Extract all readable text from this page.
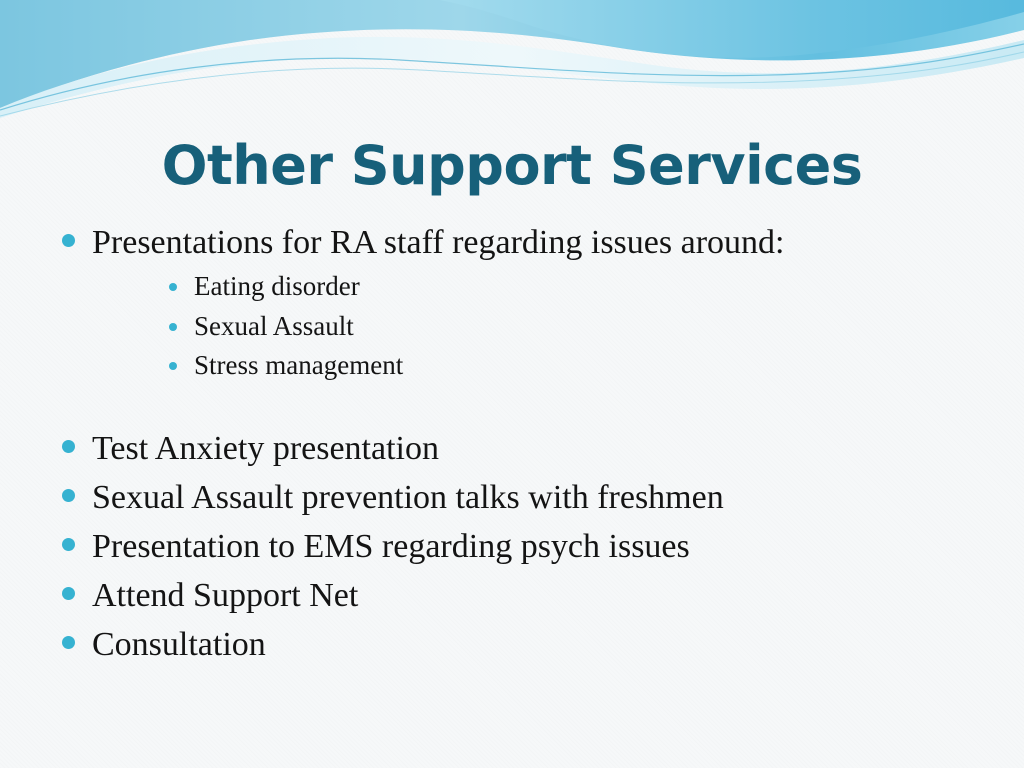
Other Support Services
Presentations for RA staff regarding issues around:
Eating disorder
Sexual Assault
Stress management
Test Anxiety presentation
Sexual Assault prevention talks with freshmen
Presentation to EMS regarding psych issues
Attend Support Net
Consultation
